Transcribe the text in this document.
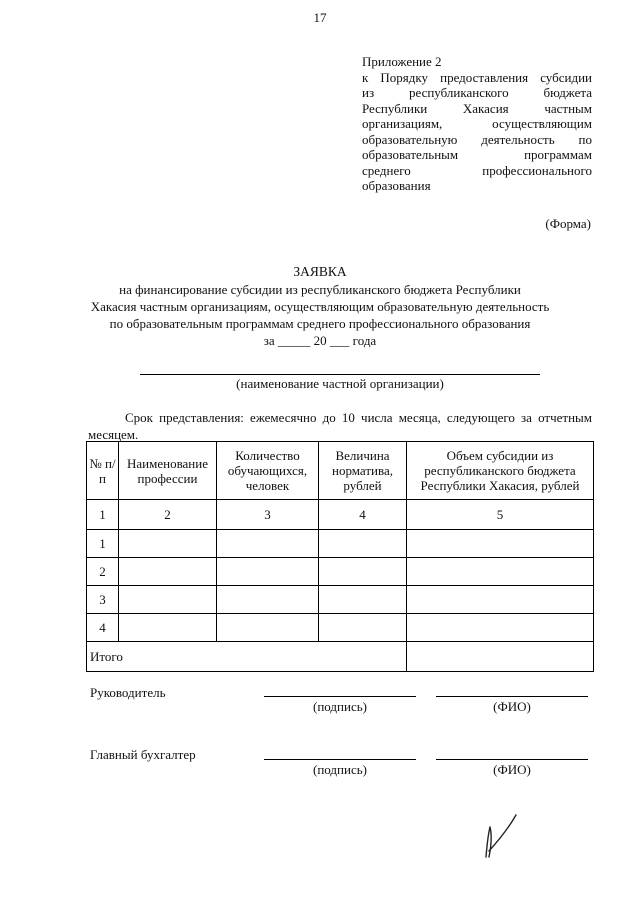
17
Приложение 2
к Порядку предоставления субсидии
из республиканского бюджета
Республики Хакасия частным
организациям, осуществляющим
образовательную деятельность по
образовательным программам
среднего профессионального
образования
(Форма)
ЗАЯВКА
на финансирование субсидии из республиканского бюджета Республики
Хакасия частным организациям, осуществляющим образовательную деятельность
по образовательным программам среднего профессионального образования
за _____ 20 ___ года
(наименование частной организации)
Срок представления: ежемесячно до 10 числа месяца, следующего за отчетным месяцем.
№ п/п	Наименование профессии	Количество обучающихся, человек	Величина норматива, рублей	Объем субсидии из республиканского бюджета Республики Хакасия, рублей
1	2	3	4	5
1				
2				
3				
4				
Итого				
Руководитель
(подпись)	(ФИО)
Главный бухгалтер
(подпись)	(ФИО)
